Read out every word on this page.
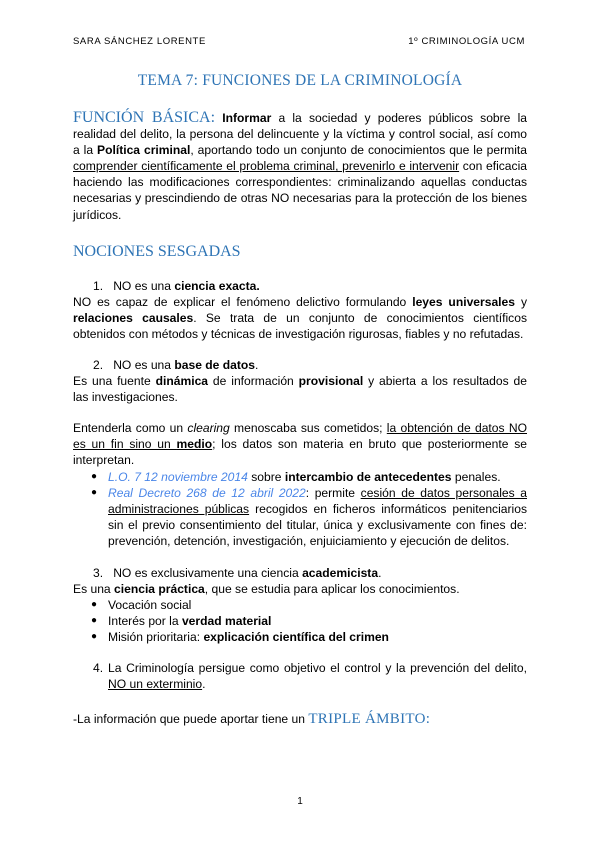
SARA SÁNCHEZ LORENTE	1º CRIMINOLOGÍA UCM
TEMA 7: FUNCIONES DE LA CRIMINOLOGÍA
FUNCIÓN BÁSICA: Informar a la sociedad y poderes públicos sobre la realidad del delito, la persona del delincuente y la víctima y control social, así como a la Política criminal, aportando todo un conjunto de conocimientos que le permita comprender científicamente el problema criminal, prevenirlo e intervenir con eficacia haciendo las modificaciones correspondientes: criminalizando aquellas conductas necesarias y prescindiendo de otras NO necesarias para la protección de los bienes jurídicos.
NOCIONES SESGADAS
1. NO es una ciencia exacta.
NO es capaz de explicar el fenómeno delictivo formulando leyes universales y relaciones causales. Se trata de un conjunto de conocimientos científicos obtenidos con métodos y técnicas de investigación rigurosas, fiables y no refutadas.
2. NO es una base de datos.
Es una fuente dinámica de información provisional y abierta a los resultados de las investigaciones.
Entenderla como un clearing menoscaba sus cometidos; la obtención de datos NO es un fin sino un medio; los datos son materia en bruto que posteriormente se interpretan.
● L.O. 7 12 noviembre 2014 sobre intercambio de antecedentes penales.
● Real Decreto 268 de 12 abril 2022: permite cesión de datos personales a administraciones públicas recogidos en ficheros informáticos penitenciarios sin el previo consentimiento del titular, única y exclusivamente con fines de: prevención, detención, investigación, enjuiciamiento y ejecución de delitos.
3. NO es exclusivamente una ciencia academicista.
Es una ciencia práctica, que se estudia para aplicar los conocimientos.
● Vocación social
● Interés por la verdad material
● Misión prioritaria: explicación científica del crimen
4. La Criminología persigue como objetivo el control y la prevención del delito, NO un exterminio.
-La información que puede aportar tiene un TRIPLE ÁMBITO:
1
